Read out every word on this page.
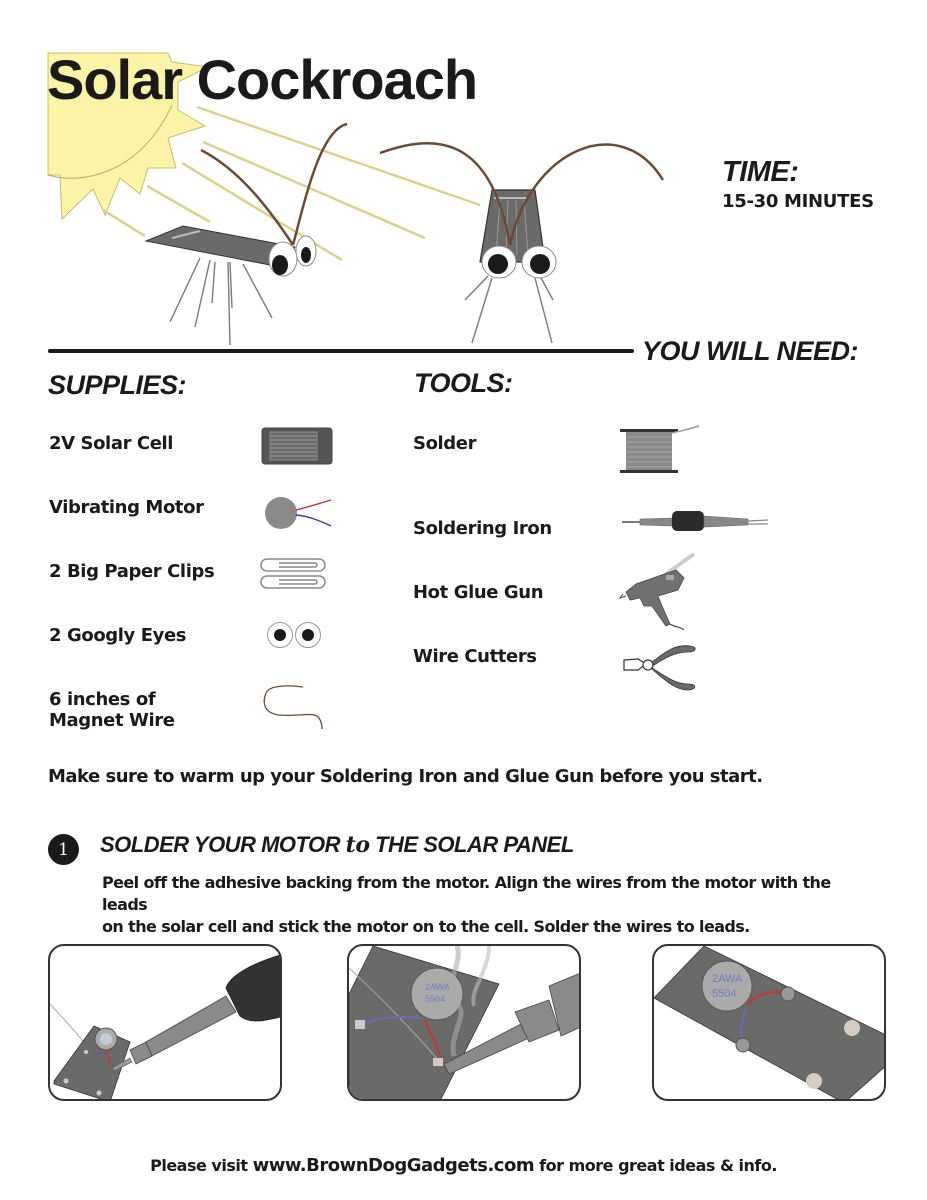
Solar Cockroach
TIME:
15-30 MINUTES
YOU WILL NEED:
SUPPLIES:
2V Solar Cell
Vibrating Motor
2 Big Paper Clips
2 Googly Eyes
6 inches of
Magnet Wire
TOOLS:
Solder
Soldering Iron
Hot Glue Gun
Wire Cutters
Make sure to warm up your Soldering Iron and Glue Gun before you start.
1 SOLDER YOUR MOTOR to THE SOLAR PANEL
Peel off the adhesive backing from the motor. Align the wires from the motor with the leads
on the solar cell and stick the motor on to the cell. Solder the wires to leads.
2AWA
5504
2AWA
5504
Please visit www.BrownDogGadgets.com for more great ideas & info.
